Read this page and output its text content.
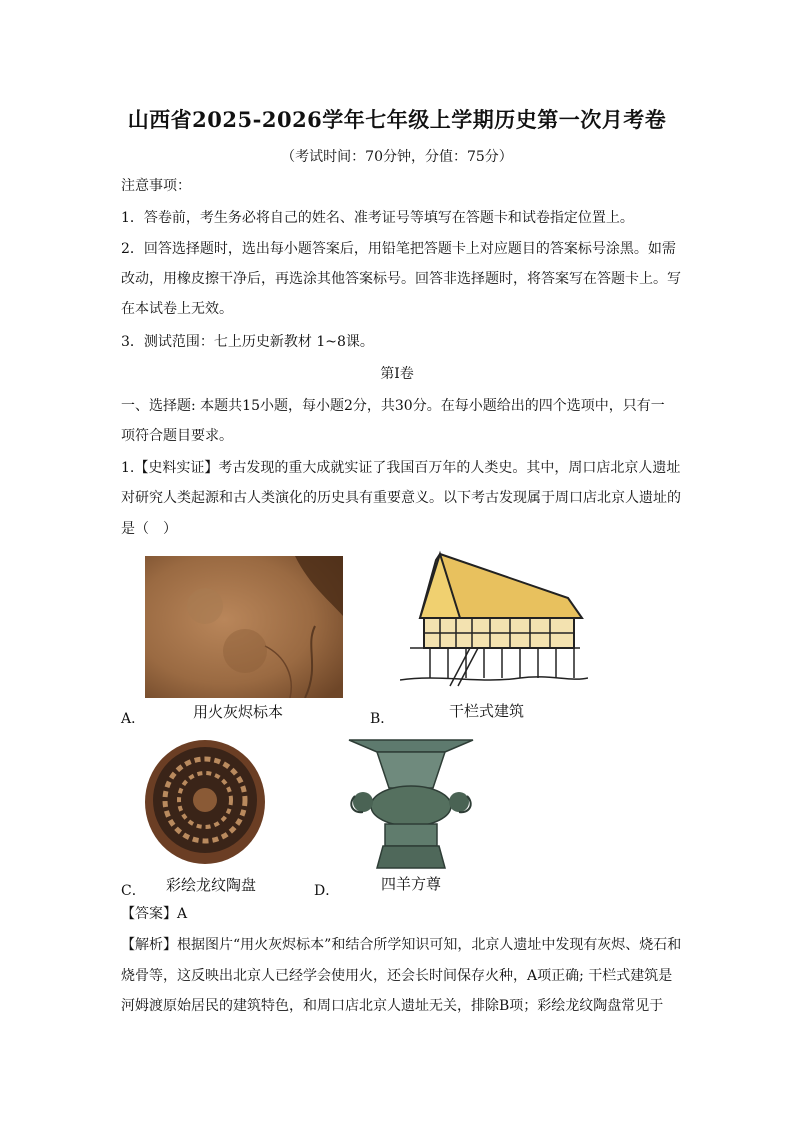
山西省2025-2026学年七年级上学期历史第一次月考卷
（考试时间：70分钟，分值：75分）
注意事项：
1．答卷前，考生务必将自己的姓名、准考证号等填写在答题卡和试卷指定位置上。
2．回答选择题时，选出每小题答案后，用铅笔把答题卡上对应题目的答案标号涂黑。如需
改动，用橡皮擦干净后，再选涂其他答案标号。回答非选择题时，将答案写在答题卡上。写
在本试卷上无效。
3．测试范围：七上历史新教材 1~8课。
第Ⅰ卷
一、选择题: 本题共15小题，每小题2分，共30分。在每小题给出的四个选项中，只有一
项符合题目要求。
1.【史料实证】考古发现的重大成就实证了我国百万年的人类史。其中，周口店北京人遗址
对研究人类起源和古人类演化的历史具有重要意义。以下考古发现属于周口店北京人遗址的
是（　）
A．	用火灰烬标本	B．	干栏式建筑
C． 彩绘龙纹陶盘	D．	四羊方尊
【答案】A
【解析】根据图片“用火灰烬标本”和结合所学知识可知，北京人遗址中发现有灰烬、烧石和
烧骨等，这反映出北京人已经学会使用火，还会长时间保存火种，A项正确; 干栏式建筑是
河姆渡原始居民的建筑特色，和周口店北京人遗址无关，排除B项；彩绘龙纹陶盘常见于
